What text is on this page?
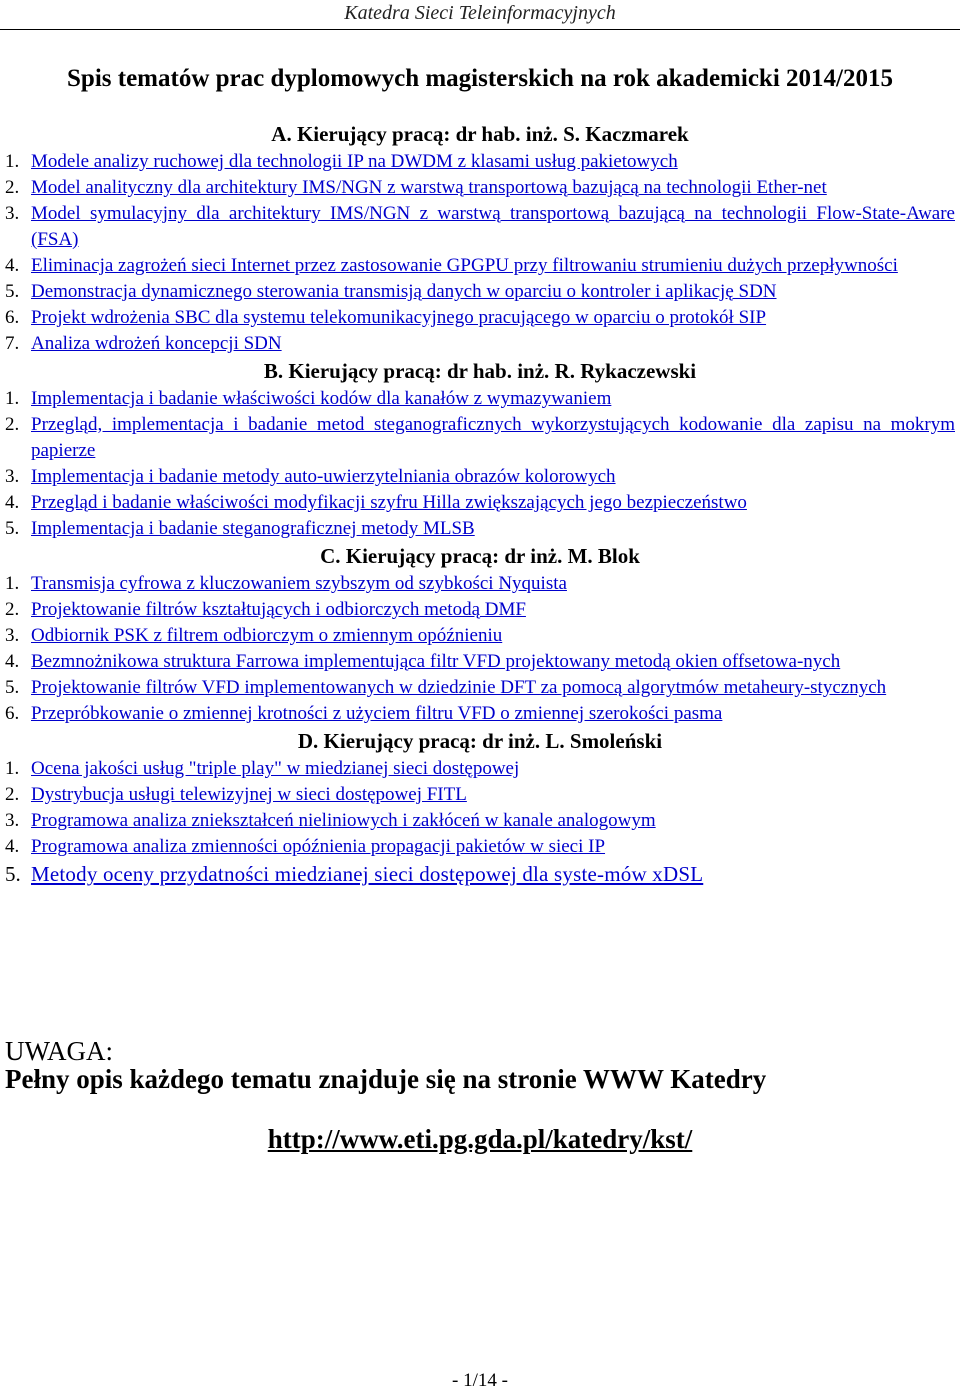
Katedra Sieci Teleinformacyjnych
Spis tematów prac dyplomowych magisterskich na rok akademicki 2014/2015
A. Kierujący pracą: dr hab. inż. S. Kaczmarek
1. Modele analizy ruchowej dla technologii IP na DWDM z klasami usług pakietowych
2. Model analityczny dla architektury IMS/NGN z warstwą transportową bazującą na technologii Ether-net
3. Model symulacyjny dla architektury IMS/NGN z warstwą transportową bazującą na technologii Flow-State-Aware (FSA)
4. Eliminacja zagrożeń sieci Internet przez zastosowanie GPGPU przy filtrowaniu strumieniu dużych przepływności
5. Demonstracja dynamicznego sterowania transmisją danych w oparciu o kontroler i aplikację SDN
6. Projekt wdrożenia SBC dla systemu telekomunikacyjnego pracującego w oparciu o protokół SIP
7. Analiza wdrożeń koncepcji SDN
B. Kierujący pracą: dr hab. inż. R. Rykaczewski
1. Implementacja i badanie właściwości kodów dla kanałów z wymazywaniem
2. Przegląd, implementacja i badanie metod steganograficznych wykorzystujących kodowanie dla zapisu na mokrym papierze
3. Implementacja i badanie metody auto-uwierzytelniania obrazów kolorowych
4. Przegląd i badanie właściwości modyfikacji szyfru Hilla zwiększających jego bezpieczeństwo
5. Implementacja i badanie steganograficznej metody MLSB
C. Kierujący pracą: dr inż. M. Blok
1. Transmisja cyfrowa z kluczowaniem szybszym od szybkości Nyquista
2. Projektowanie filtrów kształtujących i odbiorczych metodą DMF
3. Odbiornik PSK z filtrem odbiorczym o zmiennym opóźnieniu
4. Bezmnożnikowa struktura Farrowa implementująca filtr VFD projektowany metodą okien offsetowa-nych
5. Projektowanie filtrów VFD implementowanych w dziedzinie DFT za pomocą algorytmów metaheury-stycznych
6. Przepróbkowanie o zmiennej krotności z użyciem filtru VFD o zmiennej szerokości pasma
D. Kierujący pracą: dr inż. L. Smoleński
1. Ocena jakości usług "triple play" w miedzianej sieci dostępowej
2. Dystrybucja usługi telewizyjnej w sieci dostępowej FITL
3. Programowa analiza zniekształceń nieliniowych i zakłóceń w kanale analogowym
4. Programowa analiza zmienności opóźnienia propagacji pakietów w sieci IP
5. Metody oceny przydatności miedzianej sieci dostępowej dla syste-mów xDSL
UWAGA:
Pełny opis każdego tematu znajduje się na stronie WWW Katedry
http://www.eti.pg.gda.pl/katedry/kst/
- 1/14 -
